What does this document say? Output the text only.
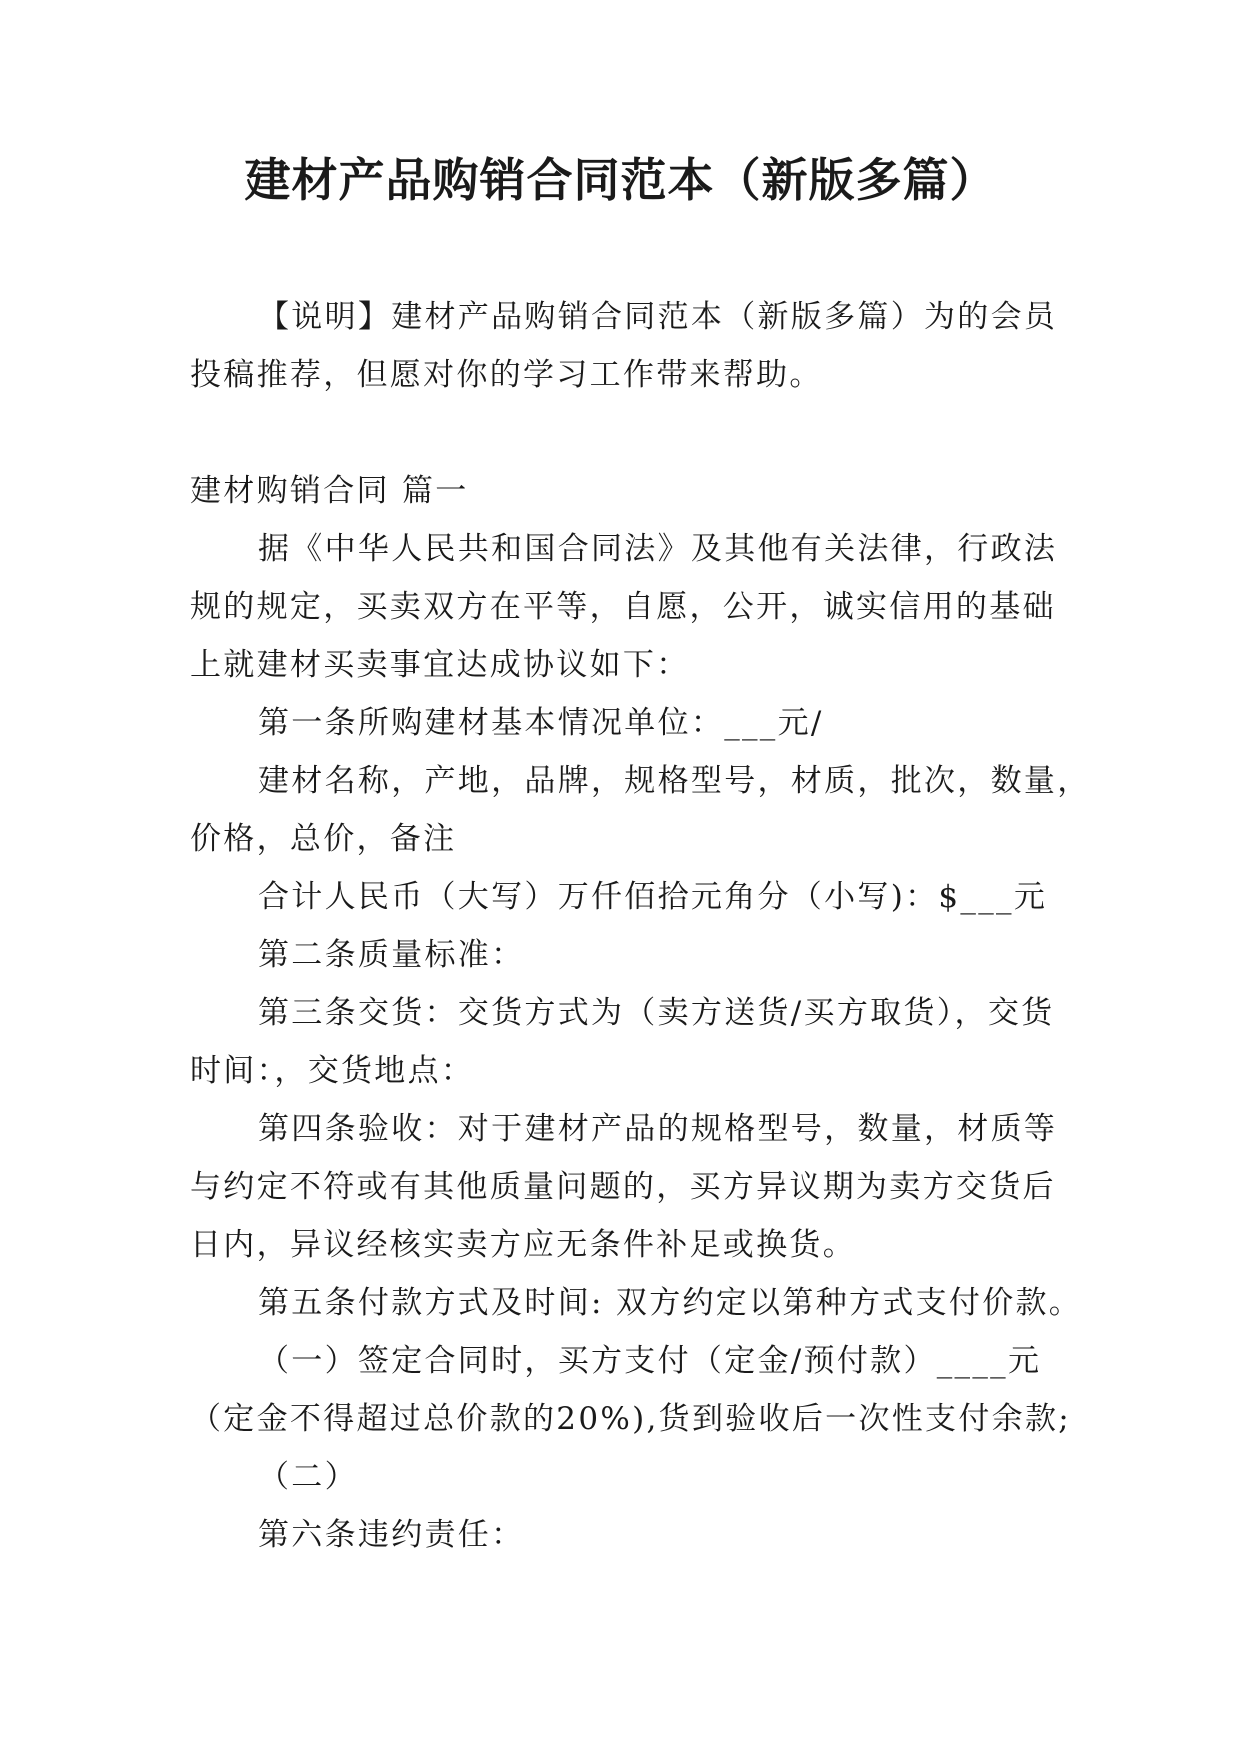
建材产品购销合同范本（新版多篇）

【说明】建材产品购销合同范本（新版多篇）为的会员

投稿推荐，但愿对你的学习工作带来帮助。

建材购销合同 篇一

据《中华人民共和国合同法》及其他有关法律，行政法

规的规定，买卖双方在平等，自愿，公开，诚实信用的基础

上就建材买卖事宜达成协议如下：

第一条所购建材基本情况单位：___元/

建材名称，产地，品牌，规格型号，材质，批次，数量，

价格，总价，备注

合计人民币（大写）万仟佰拾元角分（小写)：$___元

第二条质量标准：

第三条交货：交货方式为（卖方送货/买方取货），交货

时间：，交货地点：

第四条验收：对于建材产品的规格型号，数量，材质等

与约定不符或有其他质量问题的，买方异议期为卖方交货后

日内，异议经核实卖方应无条件补足或换货。

第五条付款方式及时间: 双方约定以第种方式支付价款。

（一）签定合同时，买方支付（定金/预付款）____元

（定金不得超过总价款的20%),货到验收后一次性支付余款;

（二）

第六条违约责任：
